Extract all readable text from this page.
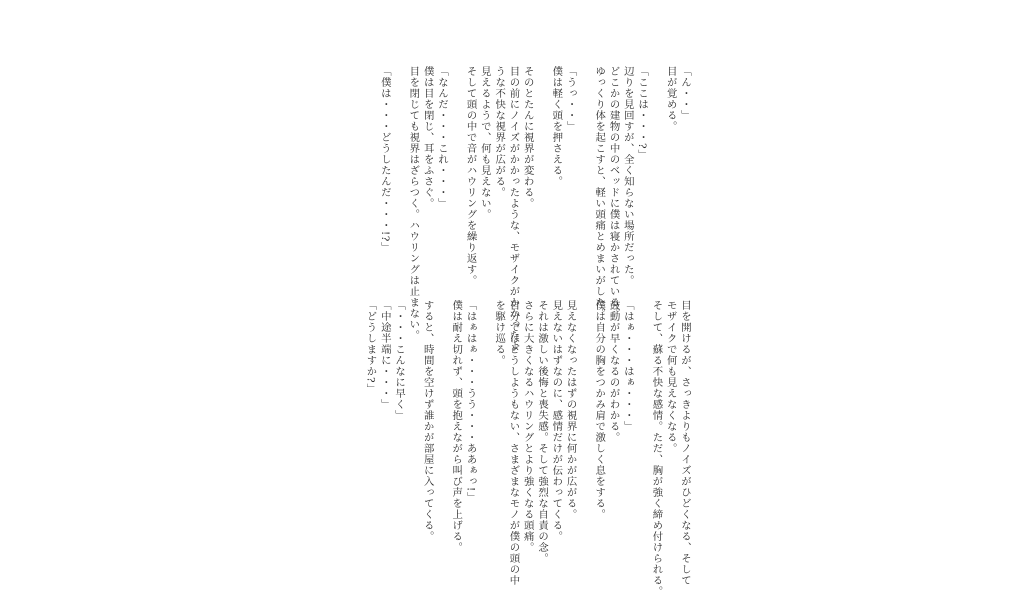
「ん・・」
目が覚める。

「ここは・・・?」
辺りを見回すが、全く知らない場所だった。
どこかの建物の中のベッドに僕は寝かされている。
ゆっくり体を起こすと、軽い頭痛とめまいがした。

「うっ・・」
僕は軽く頭を押さえる。

そのとたんに視界が変わる。
目の前にノイズがかかったような、モザイクがかかったよ
うな不快な視界が広がる。
見えるようで、何も見えない。
そして頭の中で音がハウリングを繰り返す。

「なんだ・・・これ・・・」
僕は目を閉じ、耳をふさぐ。
目を閉じても視界はざらつく。ハウリングは止まない。

「僕は・・・どうしたんだ・・・!?」
目を開けるが、さっきよりもノイズがひどくなる、そして
モザイクで何も見えなくなる。
そして、蘇る不快な感情。ただ、胸が強く締め付けられる。

「はぁ・・・はぁ・・・」
鼓動が早くなるのがわかる。
僕は自分の胸をつかみ肩で激しく息をする。

見えなくなったはずの視界に何かが広がる。
見えないはずなのに、感情だけが伝わってくる。
それは激しい後悔と喪失感。そして強烈な自責の念。
さらに大きくなるハウリングとより強くなる頭痛。
自分ではどうしようもない、さまざまなモノが僕の頭の中
を駆け巡る。

「はぁはぁ・・・うう・・・ああぁっ!」
僕は耐え切れず、頭を抱えながら叫び声を上げる。

すると、時間を空けず誰かが部屋に入ってくる。

「・・・こんなに早く」
「中途半端に・・・」
「どうしますか?」
